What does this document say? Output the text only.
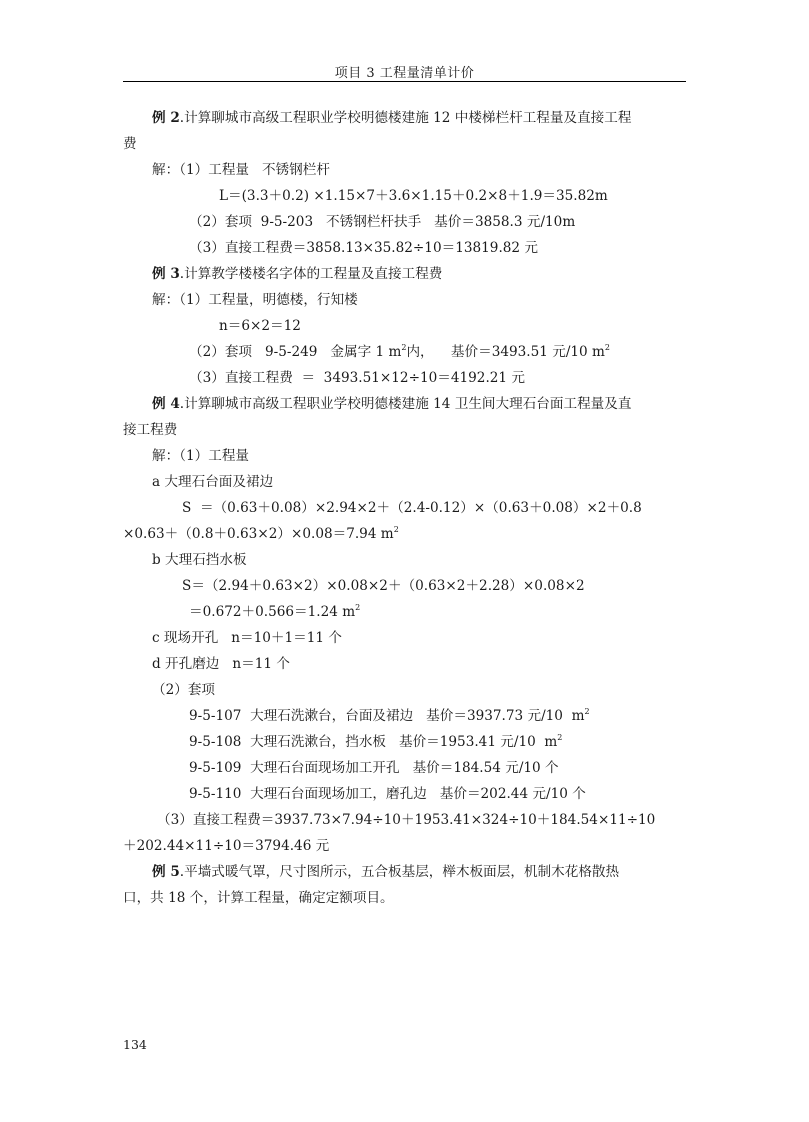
项目 3 工程量清单计价
例 2.计算聊城市高级工程职业学校明德楼建施 12 中楼梯栏杆工程量及直接工程
费
解：（1）工程量   不锈钢栏杆
L＝(3.3＋0.2) ×1.15×7＋3.6×1.15＋0.2×8＋1.9＝35.82m
（2）套项  9-5-203   不锈钢栏杆扶手   基价＝3858.3 元/10m
（3）直接工程费＝3858.13×35.82÷10＝13819.82 元
例 3.计算教学楼楼名字体的工程量及直接工程费
解：（1）工程量，明德楼，行知楼
n＝6×2＝12
（2）套项   9-5-249   金属字 1 $m^2$内，    基价＝3493.51 元/10 $m^2$
（3）直接工程费  ＝  3493.51×12÷10＝4192.21 元
例 4.计算聊城市高级工程职业学校明德楼建施 14 卫生间大理石台面工程量及直
接工程费
解：（1）工程量
a 大理石台面及裙边
S  ＝（0.63＋0.08）×2.94×2＋（2.4-0.12）×（0.63＋0.08）×2＋0.8
×0.63＋（0.8＋0.63×2）×0.08＝7.94 $m^2$
b 大理石挡水板
S＝（2.94＋0.63×2）×0.08×2＋（0.63×2＋2.28）×0.08×2
＝0.672＋0.566＝1.24 $m^2$
c 现场开孔   n＝10＋1＝11 个
d 开孔磨边   n＝11 个
（2）套项
9-5-107  大理石洗漱台，台面及裙边   基价＝3937.73 元/10  $m^2$
9-5-108  大理石洗漱台，挡水板   基价＝1953.41 元/10  $m^2$
9-5-109  大理石台面现场加工开孔   基价＝184.54 元/10 个
9-5-110  大理石台面现场加工，磨孔边   基价＝202.44 元/10 个
（3）直接工程费＝3937.73×7.94÷10＋1953.41×324÷10＋184.54×11÷10
＋202.44×11÷10＝3794.46 元
例 5.平墙式暖气罩，尺寸图所示，五合板基层，榉木板面层，机制木花格散热
口，共 18 个，计算工程量，确定定额项目。
134
